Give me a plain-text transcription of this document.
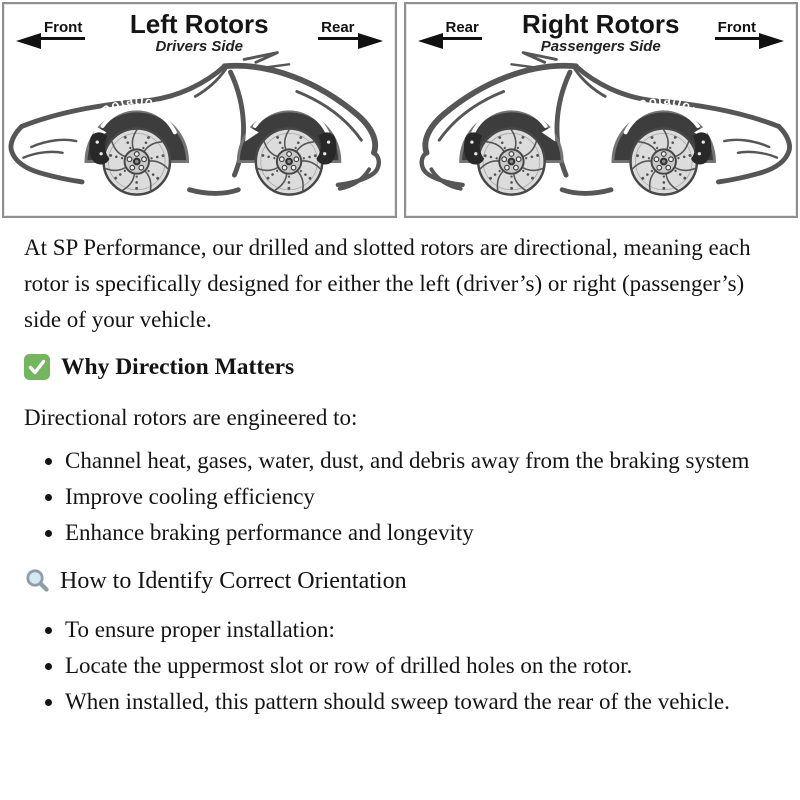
Rotation	Rotation
Front	Left Rotors
Drivers Side
Rear
Rotation	Rotation
Rear	Right Rotors
Passengers Side
Front

At SP Performance, our drilled and slotted rotors are directional, meaning each rotor is specifically designed for either the left (driver’s) or right (passenger’s) side of your vehicle.

Why Direction Matters

Directional rotors are engineered to:

• Channel heat, gases, water, dust, and debris away from the braking system
• Improve cooling efficiency
• Enhance braking performance and longevity
How to Identify Correct Orientation
• To ensure proper installation:
• Locate the uppermost slot or row of drilled holes on the rotor.
• When installed, this pattern should sweep toward the rear of the vehicle.
